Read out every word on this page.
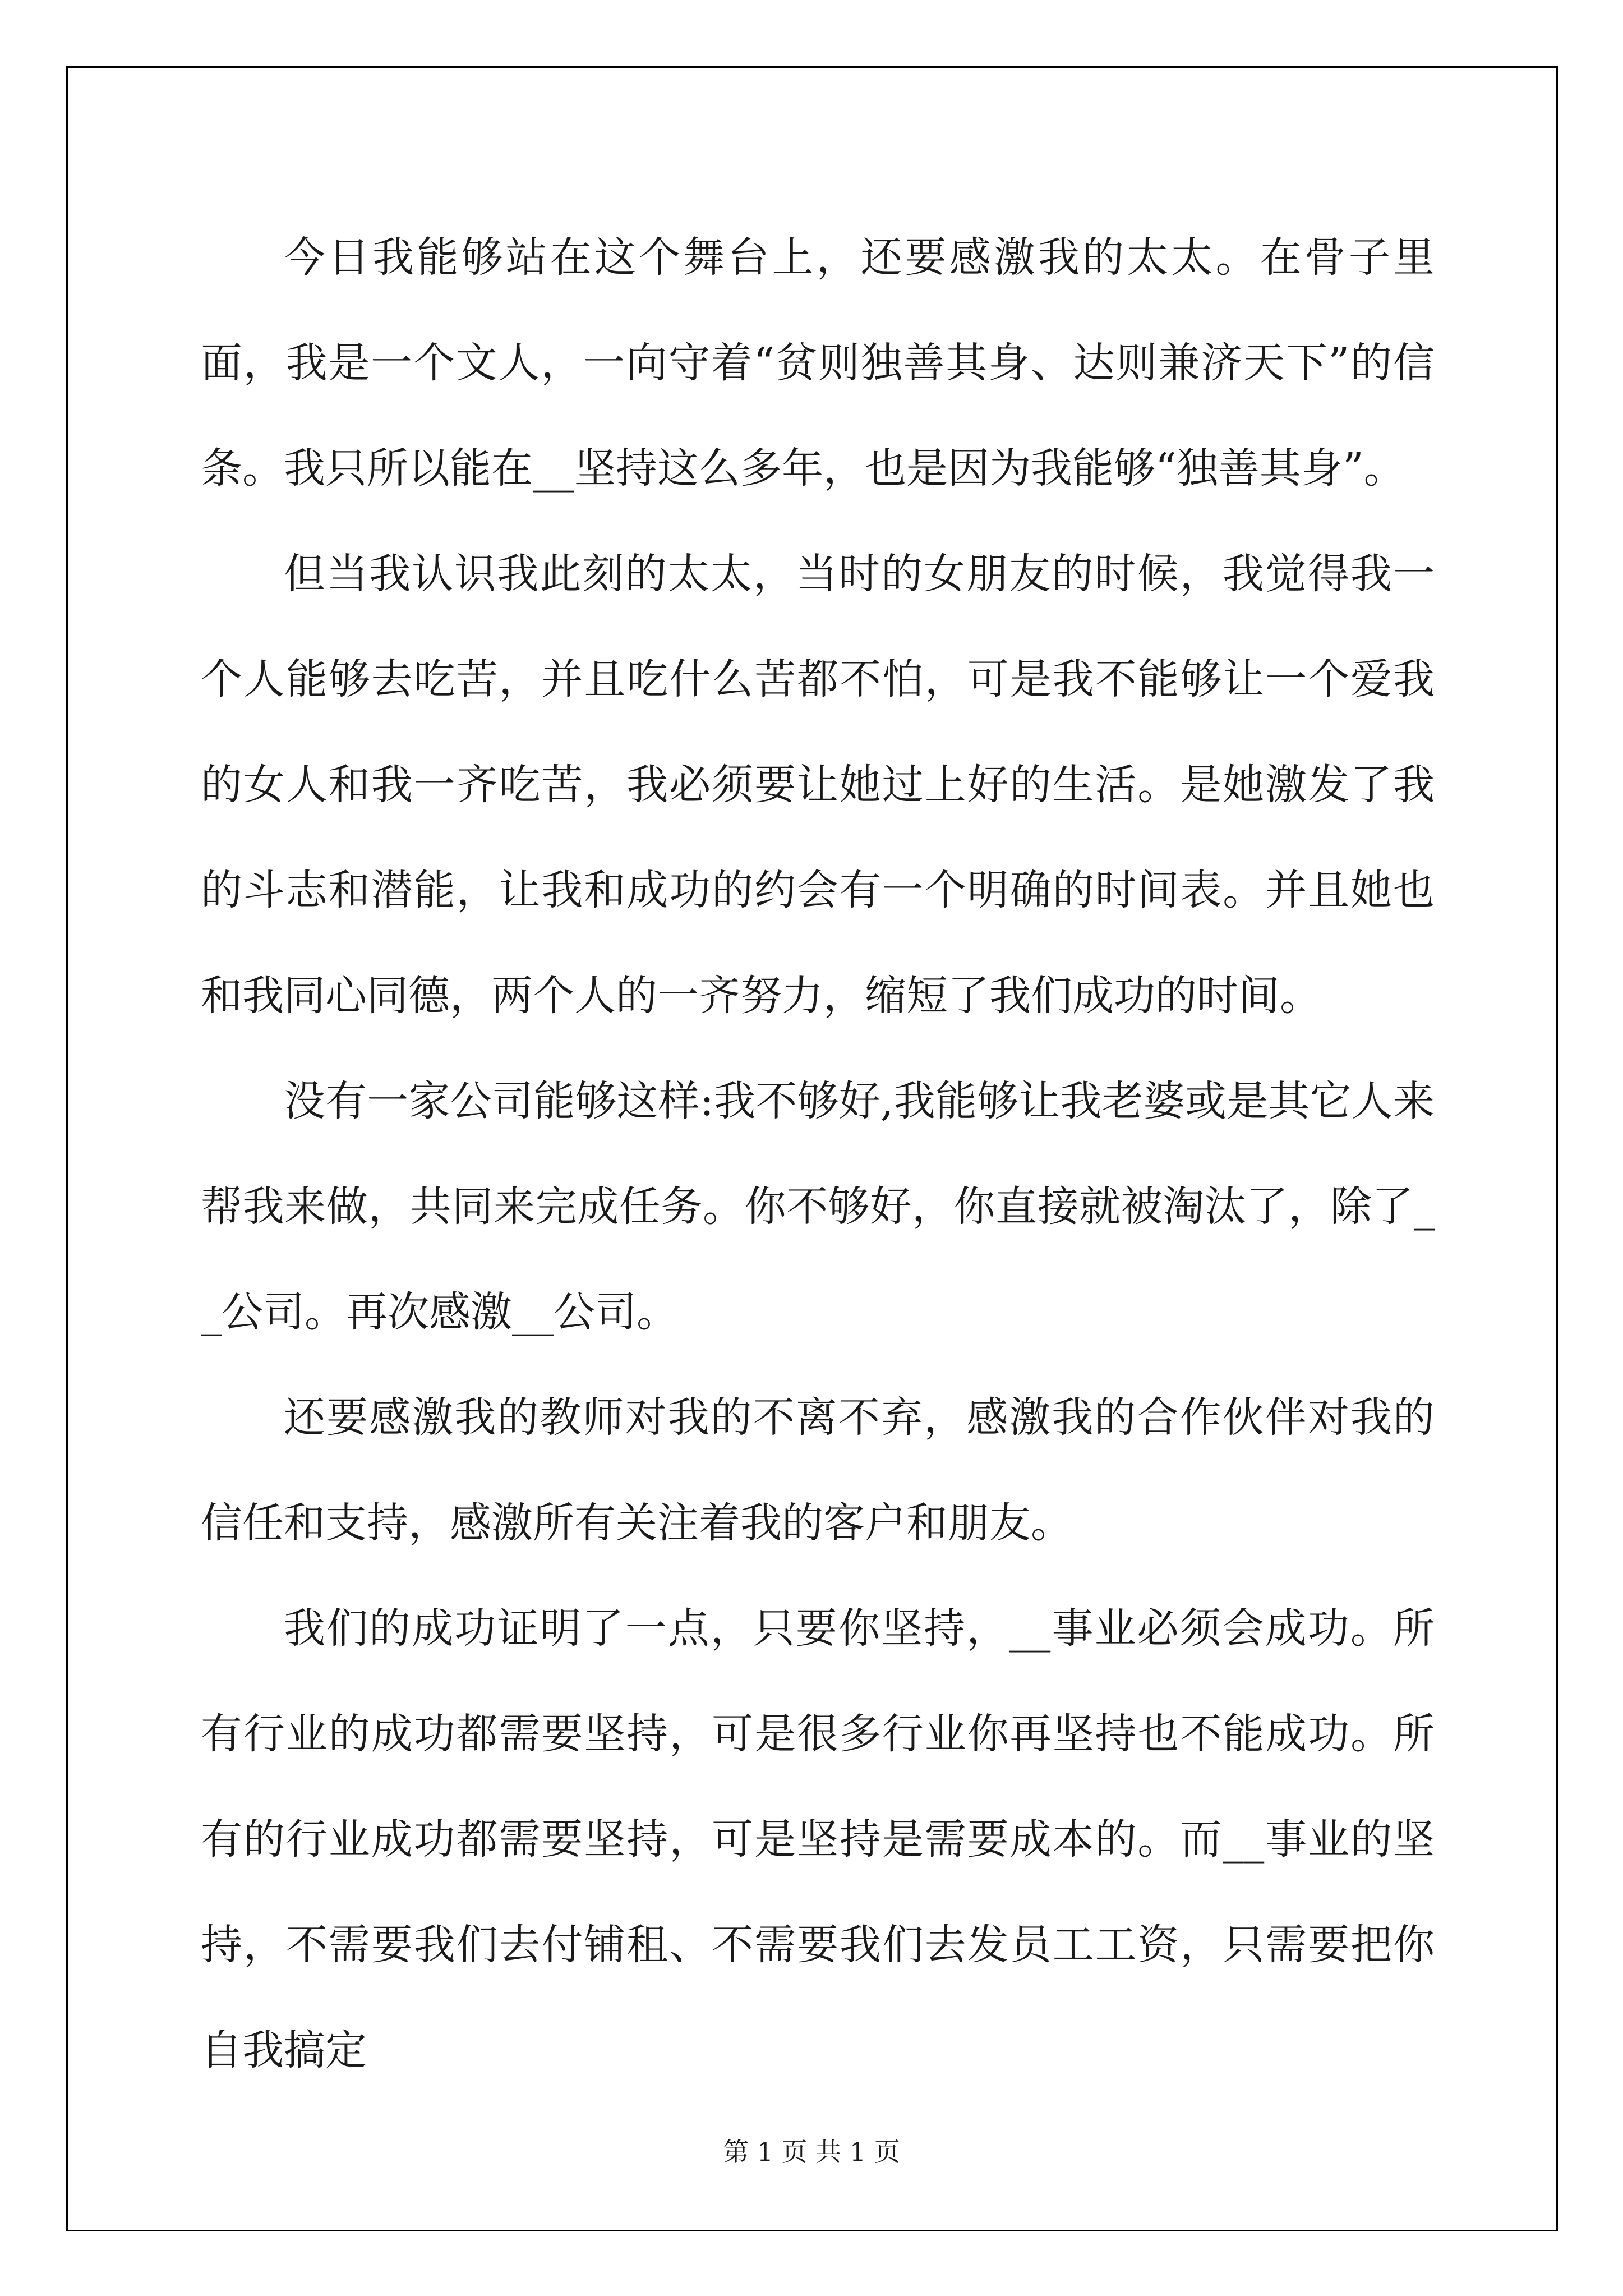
今日我能够站在这个舞台上，还要感激我的太太。在骨子里面，我是一个文人，一向守着“贫则独善其身、达则兼济天下”的信条。我只所以能在__坚持这么多年，也是因为我能够“独善其身”。

但当我认识我此刻的太太，当时的女朋友的时候，我觉得我一个人能够去吃苦，并且吃什么苦都不怕，可是我不能够让一个爱我的女人和我一齐吃苦，我必须要让她过上好的生活。是她激发了我的斗志和潜能，让我和成功的约会有一个明确的时间表。并且她也和我同心同德，两个人的一齐努力，缩短了我们成功的时间。

没有一家公司能够这样:我不够好,我能够让我老婆或是其它人来帮我来做，共同来完成任务。你不够好，你直接就被淘汰了，除了__公司。再次感激__公司。

还要感激我的教师对我的不离不弃，感激我的合作伙伴对我的信任和支持，感激所有关注着我的客户和朋友。

我们的成功证明了一点，只要你坚持，__事业必须会成功。所有行业的成功都需要坚持，可是很多行业你再坚持也不能成功。所有的行业成功都需要坚持，可是坚持是需要成本的。而__事业的坚持，不需要我们去付铺租、不需要我们去发员工工资，只需要把你自我搞定

第 1 页 共 1 页
